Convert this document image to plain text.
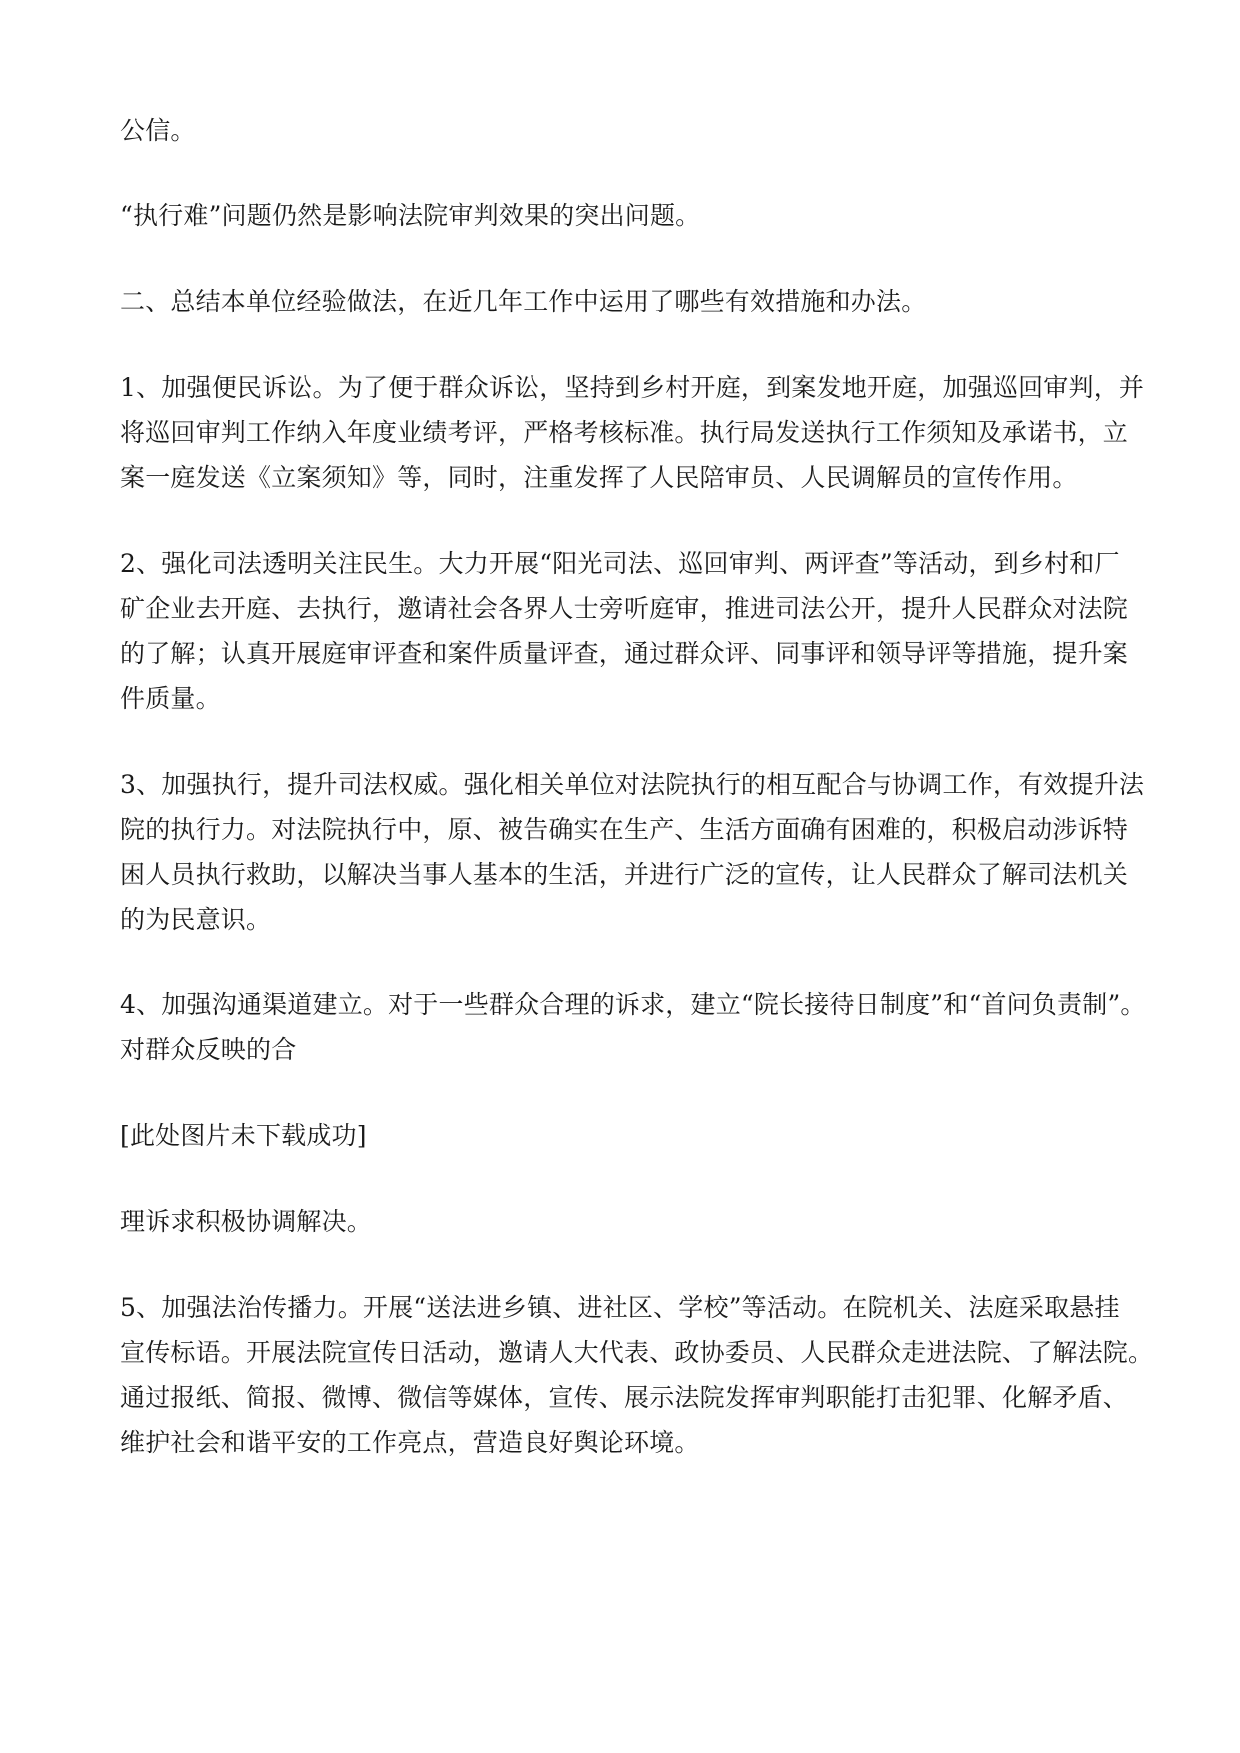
公信。
“执行难”问题仍然是影响法院审判效果的突出问题。
二、总结本单位经验做法，在近几年工作中运用了哪些有效措施和办法。
1、加强便民诉讼。为了便于群众诉讼，坚持到乡村开庭，到案发地开庭，加强巡回审判，并
将巡回审判工作纳入年度业绩考评，严格考核标准。执行局发送执行工作须知及承诺书，立
案一庭发送《立案须知》等，同时，注重发挥了人民陪审员、人民调解员的宣传作用。
2、强化司法透明关注民生。大力开展“阳光司法、巡回审判、两评查”等活动，到乡村和厂
矿企业去开庭、去执行，邀请社会各界人士旁听庭审，推进司法公开，提升人民群众对法院
的了解；认真开展庭审评查和案件质量评查，通过群众评、同事评和领导评等措施，提升案
件质量。
3、加强执行，提升司法权威。强化相关单位对法院执行的相互配合与协调工作，有效提升法
院的执行力。对法院执行中，原、被告确实在生产、生活方面确有困难的，积极启动涉诉特
困人员执行救助，以解决当事人基本的生活，并进行广泛的宣传，让人民群众了解司法机关
的为民意识。
4、加强沟通渠道建立。对于一些群众合理的诉求，建立“院长接待日制度”和“首问负责制”。
对群众反映的合
[此处图片未下载成功]
理诉求积极协调解决。
5、加强法治传播力。开展“送法进乡镇、进社区、学校”等活动。在院机关、法庭采取悬挂
宣传标语。开展法院宣传日活动，邀请人大代表、政协委员、人民群众走进法院、了解法院。
通过报纸、简报、微博、微信等媒体，宣传、展示法院发挥审判职能打击犯罪、化解矛盾、
维护社会和谐平安的工作亮点，营造良好舆论环境。
